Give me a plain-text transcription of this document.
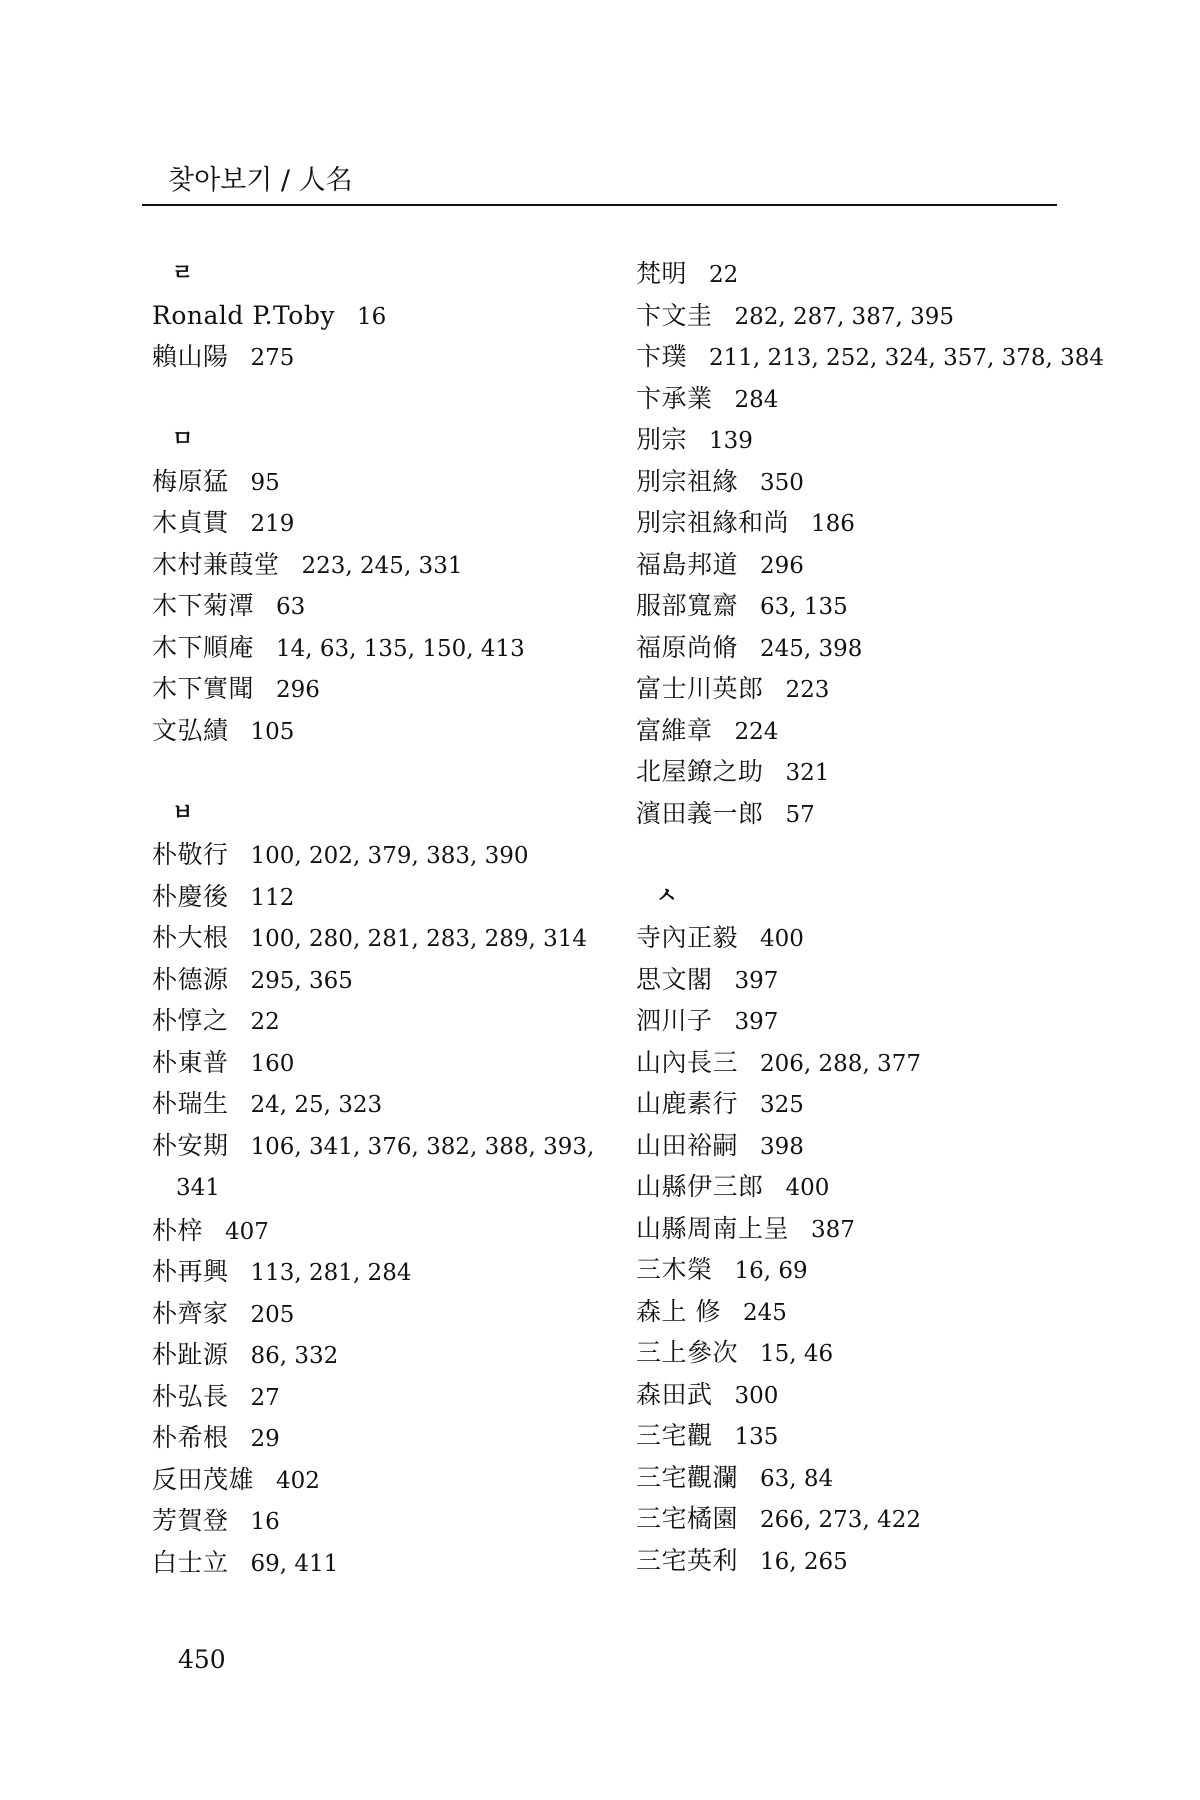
찾아보기 / 人名
ㄹ
Ronald P.Toby 16
賴山陽 275
ㅁ
梅原猛 95
木貞貫 219
木村兼葭堂 223, 245, 331
木下菊潭 63
木下順庵 14, 63, 135, 150, 413
木下實聞 296
文弘績 105
ㅂ
朴敬行 100, 202, 379, 383, 390
朴慶後 112
朴大根 100, 280, 281, 283, 289, 314
朴德源 295, 365
朴惇之 22
朴東普 160
朴瑞生 24, 25, 323
朴安期 106, 341, 376, 382, 388, 393,
341
朴梓 407
朴再興 113, 281, 284
朴齊家 205
朴趾源 86, 332
朴弘長 27
朴希根 29
反田茂雄 402
芳賀登 16
白士立 69, 411
梵明 22
卞文圭 282, 287, 387, 395
卞璞 211, 213, 252, 324, 357, 378, 384
卞承業 284
別宗 139
別宗祖緣 350
別宗祖緣和尚 186
福島邦道 296
服部寬齋 63, 135
福原尚脩 245, 398
富士川英郎 223
富維章 224
北屋鐐之助 321
濱田義一郎 57
ㅅ
寺內正毅 400
思文閣 397
泗川子 397
山內長三 206, 288, 377
山鹿素行 325
山田裕嗣 398
山縣伊三郎 400
山縣周南上呈 387
三木榮 16, 69
森上 修 245
三上參次 15, 46
森田武 300
三宅觀 135
三宅觀瀾 63, 84
三宅橘園 266, 273, 422
三宅英利 16, 265
450
